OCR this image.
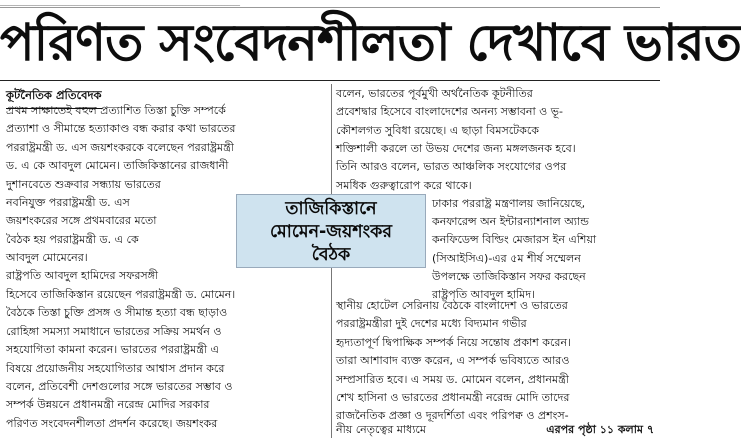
________________________________________________________________________________
পরিণত সংবেদনশীলতা দেখাবে ভারত
কূটনৈতিক প্রতিবেদক
প্রথম সাক্ষাতেই বহুল প্রত্যাশিত তিস্তা চুক্তি সম্পর্কে
প্রত্যাশা ও সীমান্তে হত্যাকাণ্ড বন্ধ করার কথা ভারতের
পররাষ্ট্রমন্ত্রী ড. এস জয়শংকরকে বলেছেন পররাষ্ট্রমন্ত্রী
ড. এ কে আবদুল মোমেন। তাজিকিস্তানের রাজধানী
দুশানবেতে শুক্রবার সন্ধ্যায় ভারতের
নবনিযুক্ত পররাষ্ট্রমন্ত্রী ড. এস
জয়শংকরের সঙ্গে প্রথমবারের মতো
বৈঠক হয় পররাষ্ট্রমন্ত্রী ড. এ কে
আবদুল মোমেনের।
রাষ্ট্রপতি আবদুল হামিদের সফরসঙ্গী
হিসেবে তাজিকিস্তান রয়েছেন পররাষ্ট্রমন্ত্রী ড. মোমেন।
বৈঠকে তিস্তা চুক্তি প্রসঙ্গ ও সীমান্ত হত্যা বন্ধ ছাড়াও
রোহিঙ্গা সমস্যা সমাধানে ভারতের সক্রিয় সমর্থন ও
সহযোগিতা কামনা করেন। ভারতের পররাষ্ট্রমন্ত্রী এ
বিষয়ে প্রয়োজনীয় সহযোগিতার আশ্বাস প্রদান করে
বলেন, প্রতিবেশী দেশগুলোর সঙ্গে ভারতের সম্ভাব ও
সম্পর্ক উন্নয়নে প্রধানমন্ত্রী নরেন্দ্র মোদির সরকার
পরিণত সংবেদনশীলতা প্রদর্শন করেছে। জয়শংকর
বলেন, ভারতের পূর্বমুখী অর্থনৈতিক কূটনীতির
প্রবেশদ্বার হিসেবে বাংলাদেশের অনন্য সম্ভাবনা ও ভূ-
কৌশলগত সুবিধা রয়েছে। এ ছাড়া বিমসটেককে
শক্তিশালী করলে তা উভয় দেশের জন্য মঙ্গলজনক হবে।
তিনি আরও বলেন, ভারত আঞ্চলিক সংযোগের ওপর
সমধিক গুরুত্বারোপ করে থাকে।
ঢাকার পররাষ্ট্র মন্ত্রণালয় জানিয়েছে,
কনফারেন্স অন ইন্টারন্যাশনাল অ্যান্ড
কনফিডেন্স বিল্ডিং মেজারস ইন এশিয়া
(সিআইসিএ)-এর ৫ম শীর্ষ সম্মেলন
উপলক্ষে তাজিকিস্তান সফর করছেন
রাষ্ট্রপতি আবদুল হামিদ।
স্থানীয় হোটেল সেরিনায় বৈঠকে বাংলাদেশ ও ভারতের
পররাষ্ট্রমন্ত্রীরা দুই দেশের মধ্যে বিদ্যমান গভীর
হৃদ্যতাপূর্ণ দ্বিপাক্ষিক সম্পর্ক নিয়ে সন্তোষ প্রকাশ করেন।
তারা আশাবাদ ব্যক্ত করেন, এ সম্পর্ক ভবিষ্যতে আরও
সম্প্রসারিত হবে। এ সময় ড. মোমেন বলেন, প্রধানমন্ত্রী
শেখ হাসিনা ও ভারতের প্রধানমন্ত্রী নরেন্দ্র মোদি তাদের
রাজনৈতিক প্রজ্ঞা ও দূরদর্শিতা এবং পরিপক্ব ও প্রশংস-
নীয় নেতৃত্বের মাধ্যমে	এরপর পৃষ্ঠা ১১ কলাম ৭
তাজিকিস্তানে
মোমেন-জয়শংকর
বৈঠক
